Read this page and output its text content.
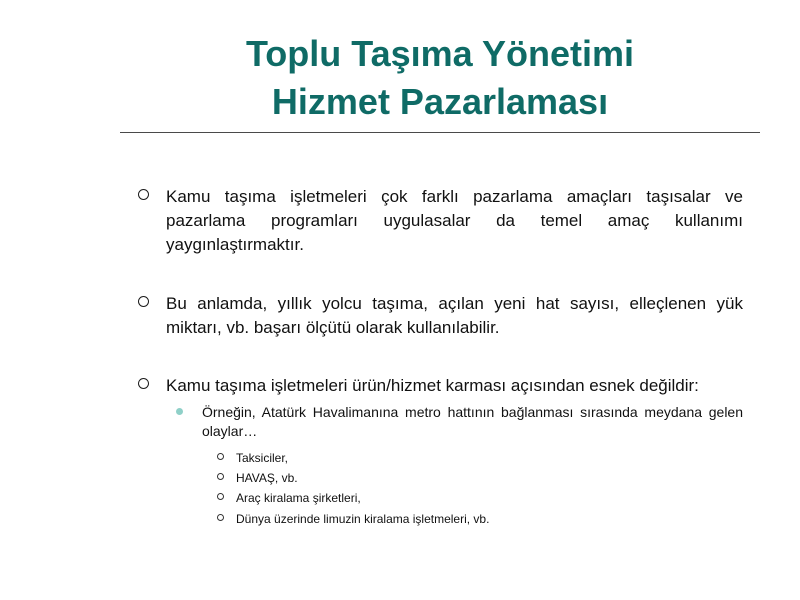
Toplu Taşıma Yönetimi
Hizmet Pazarlaması
Kamu taşıma işletmeleri çok farklı pazarlama amaçları taşısalar ve pazarlama programları uygulasalar da temel amaç kullanımı yaygınlaştırmaktır.
Bu anlamda, yıllık yolcu taşıma, açılan yeni hat sayısı, elleçlenen yük miktarı, vb. başarı ölçütü olarak kullanılabilir.
Kamu taşıma işletmeleri ürün/hizmet karması açısından esnek değildir:
Örneğin, Atatürk Havalimanına metro hattının bağlanması sırasında meydana gelen olaylar…
Taksiciler,
HAVAŞ, vb.
Araç kiralama şirketleri,
Dünya üzerinde limuzin kiralama işletmeleri, vb.
